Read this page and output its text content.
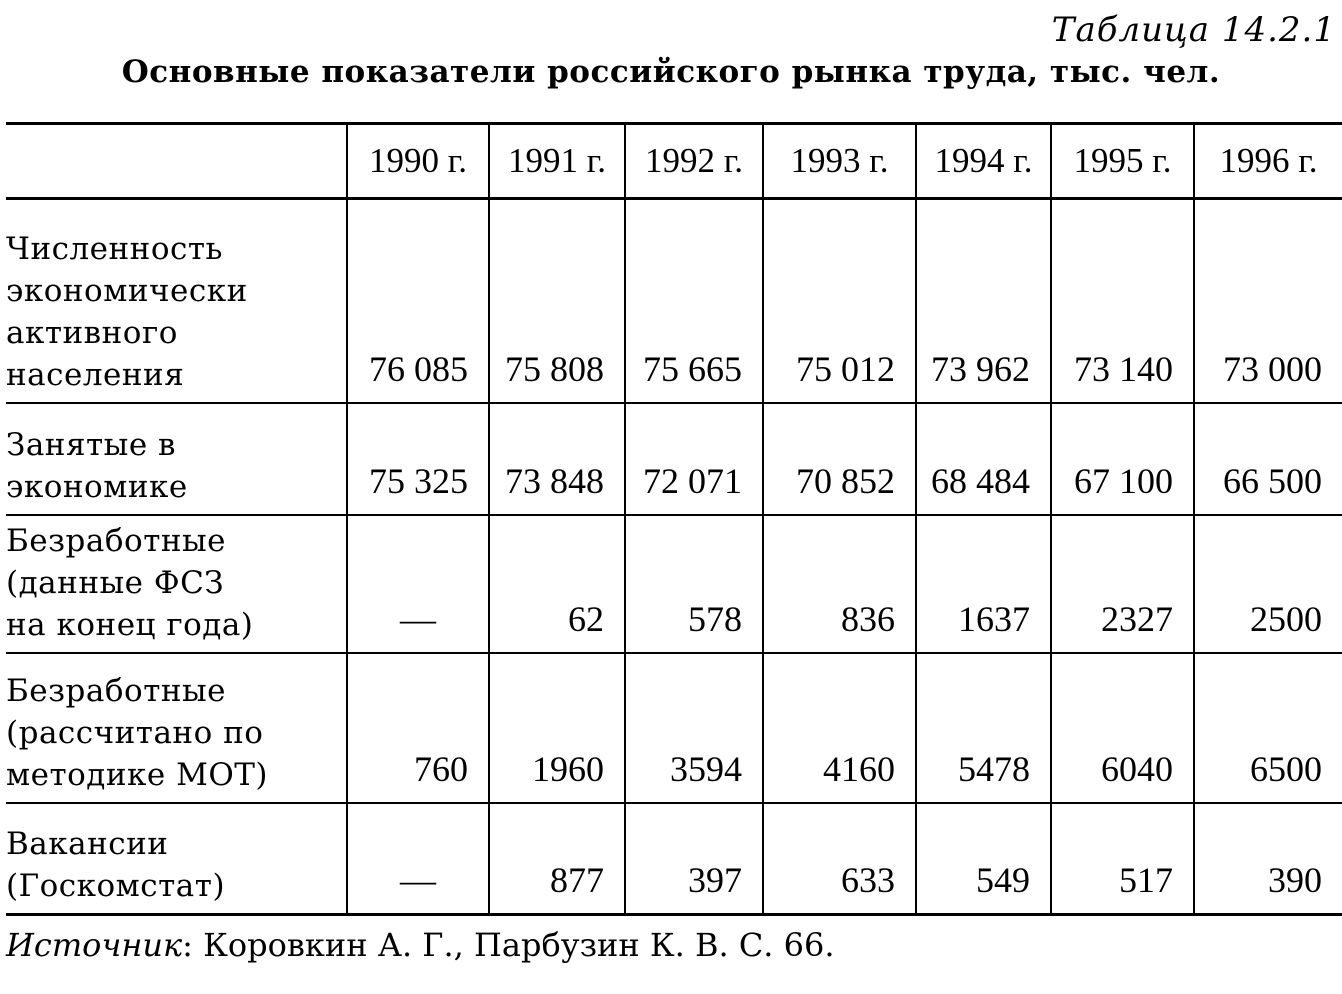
Таблица 14.2.1
Основные показатели российского рынка труда, тыс. чел.
	1990 г.	1991 г.	1992 г.	1993 г.	1994 г.	1995 г.	1996 г.
Численность
экономически
активного
населения	76 085	75 808	75 665	75 012	73 962	73 140	73 000
Занятые в
экономике	75 325	73 848	72 071	70 852	68 484	67 100	66 500
Безработные
(данные ФСЗ
на конец года)	—	62	578	836	1637	2327	2500
Безработные
(рассчитано по
методике МОТ)	760	1960	3594	4160	5478	6040	6500
Вакансии
(Госкомстат)	—	877	397	633	549	517	390
Источник: Коровкин А. Г., Парбузин К. В. С. 66.
